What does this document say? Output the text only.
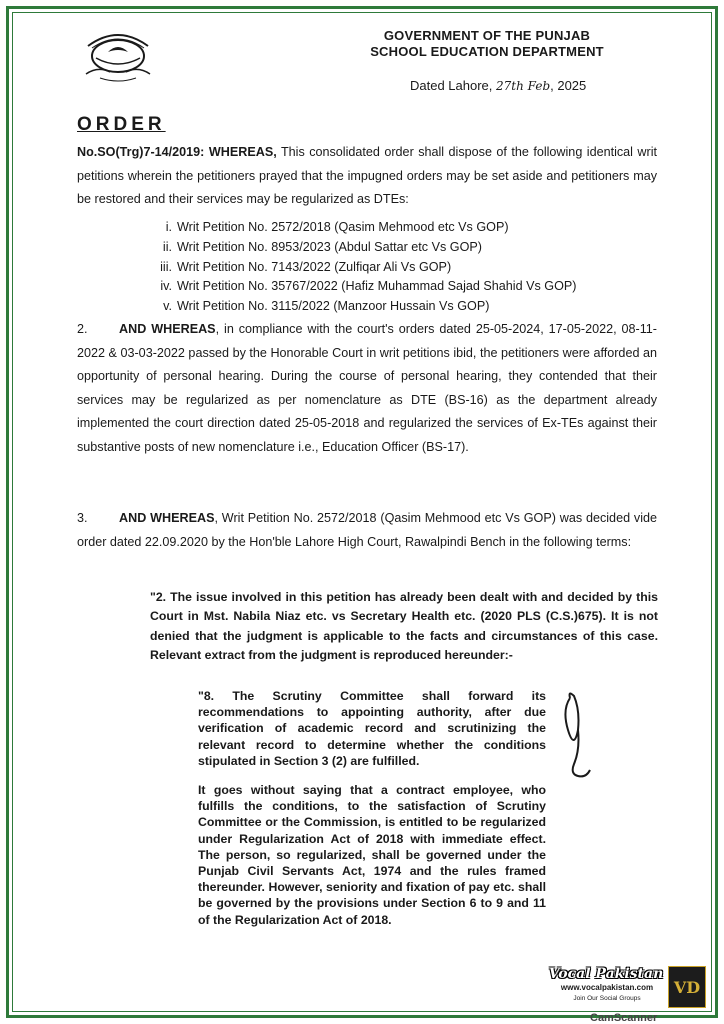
GOVERNMENT OF THE PUNJAB
SCHOOL EDUCATION DEPARTMENT
Dated Lahore, 27th Feb, 2025
ORDER
No.SO(Trg)7-14/2019: WHEREAS, This consolidated order shall dispose of the following identical writ petitions wherein the petitioners prayed that the impugned orders may be set aside and petitioners may be restored and their services may be regularized as DTEs:
i. Writ Petition No. 2572/2018 (Qasim Mehmood etc Vs GOP)
ii. Writ Petition No. 8953/2023 (Abdul Sattar etc Vs GOP)
iii. Writ Petition No. 7143/2022 (Zulfiqar Ali Vs GOP)
iv. Writ Petition No. 35767/2022 (Hafiz Muhammad Sajad Shahid Vs GOP)
v. Writ Petition No. 3115/2022 (Manzoor Hussain Vs GOP)
2. AND WHEREAS, in compliance with the court's orders dated 25-05-2024, 17-05-2022, 08-11-2022 & 03-03-2022 passed by the Honorable Court in writ petitions ibid, the petitioners were afforded an opportunity of personal hearing. During the course of personal hearing, they contended that their services may be regularized as per nomenclature as DTE (BS-16) as the department already implemented the court direction dated 25-05-2018 and regularized the services of Ex-TEs against their substantive posts of new nomenclature i.e., Education Officer (BS-17).
3. AND WHEREAS, Writ Petition No. 2572/2018 (Qasim Mehmood etc Vs GOP) was decided vide order dated 22.09.2020 by the Hon'ble Lahore High Court, Rawalpindi Bench in the following terms:
"2. The issue involved in this petition has already been dealt with and decided by this Court in Mst. Nabila Niaz etc. vs Secretary Health etc. (2020 PLS (C.S.)675). It is not denied that the judgment is applicable to the facts and circumstances of this case. Relevant extract from the judgment is reproduced hereunder:-
"8. The Scrutiny Committee shall forward its recommendations to appointing authority, after due verification of academic record and scrutinizing the relevant record to determine whether the conditions stipulated in Section 3 (2) are fulfilled.
It goes without saying that a contract employee, who fulfills the conditions, to the satisfaction of Scrutiny Committee or the Commission, is entitled to be regularized under Regularization Act of 2018 with immediate effect. The person, so regularized, shall be governed under the Punjab Civil Servants Act, 1974 and the rules framed thereunder. However, seniority and fixation of pay etc. shall be governed by the provisions under Section 6 to 9 and 11 of the Regularization Act of 2018.
Vocal Pakistan
www.vocalpakistan.com
Join Our Social Groups
VD
CamScanner
